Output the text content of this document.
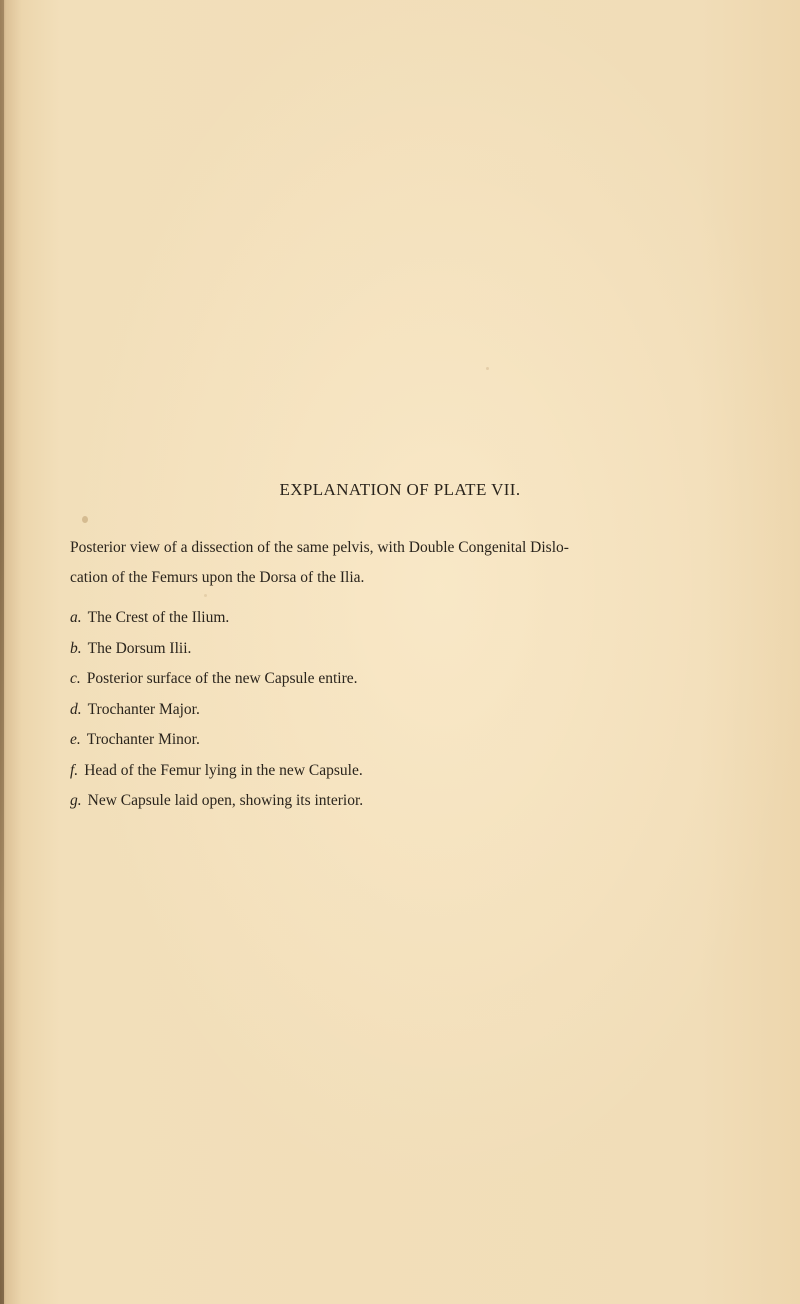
EXPLANATION OF PLATE VII.
Posterior view of a dissection of the same pelvis, with Double Congenital Dislo-
cation of the Femurs upon the Dorsa of the Ilia.
a. The Crest of the Ilium.
b. The Dorsum Ilii.
c. Posterior surface of the new Capsule entire.
d. Trochanter Major.
e. Trochanter Minor.
f. Head of the Femur lying in the new Capsule.
g. New Capsule laid open, showing its interior.
